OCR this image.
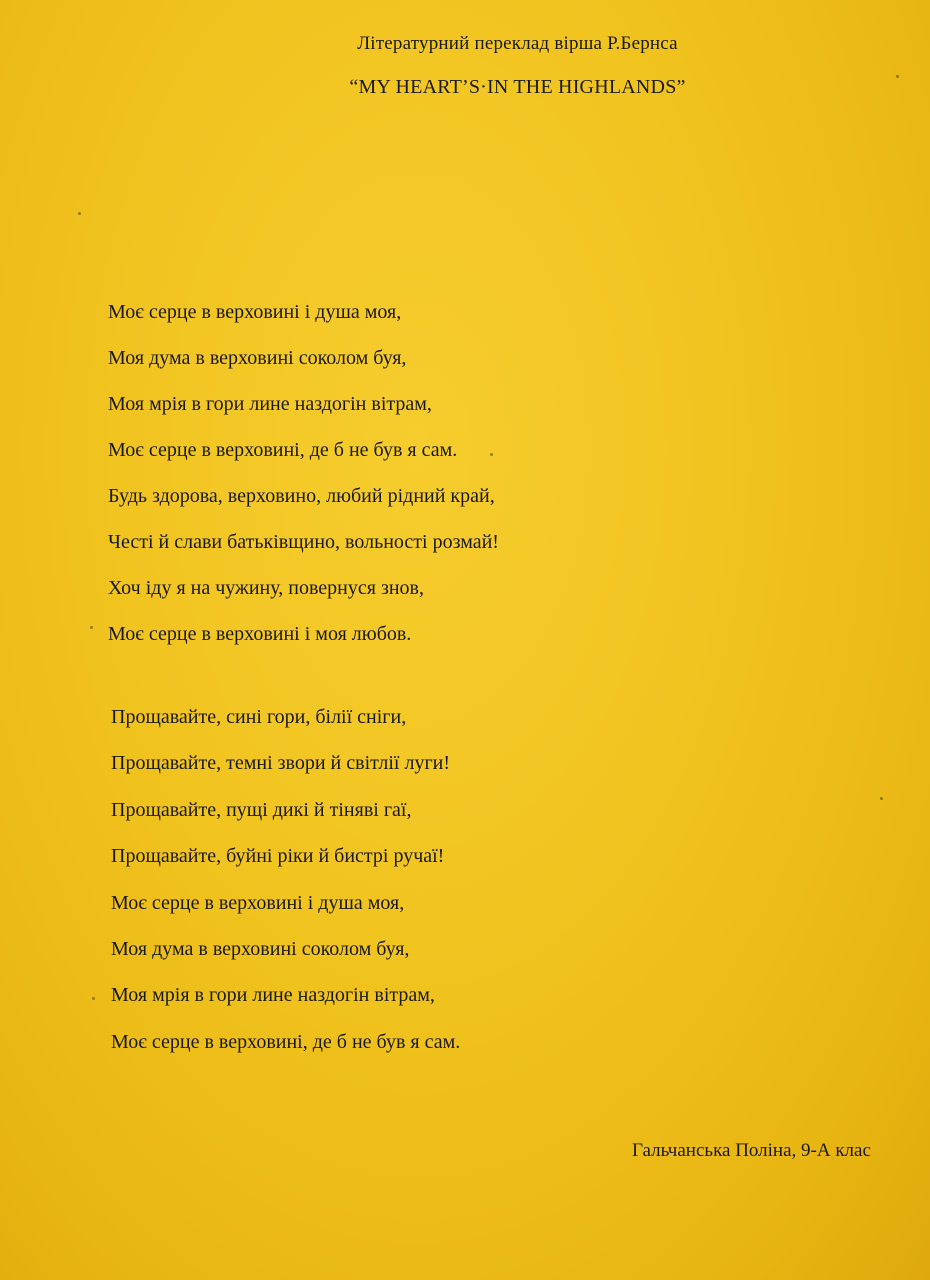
Літературний переклад вірша Р.Бернса
“MY HEART’S·IN THE HIGHLANDS”
Моє серце в верховині і душа моя,
Моя дума в верховині соколом буя,
Моя мрія в гори лине наздогін вітрам,
Моє серце в верховині, де б не був я сам.
Будь здорова, верховино, любий рідний край,
Честі й слави батьківщино, вольності розмай!
Хоч іду я на чужину, повернуся знов,
Моє серце в верховині і моя любов.
Прощавайте, сині гори, білії сніги,
Прощавайте, темні звори й світлії луги!
Прощавайте, пущі дикі й тіняві гаї,
Прощавайте, буйні ріки й бистрі ручаї!
Моє серце в верховині і душа моя,
Моя дума в верховині соколом буя,
Моя мрія в гори лине наздогін вітрам,
Моє серце в верховині, де б не був я сам.
Гальчанська Поліна, 9-А клас
